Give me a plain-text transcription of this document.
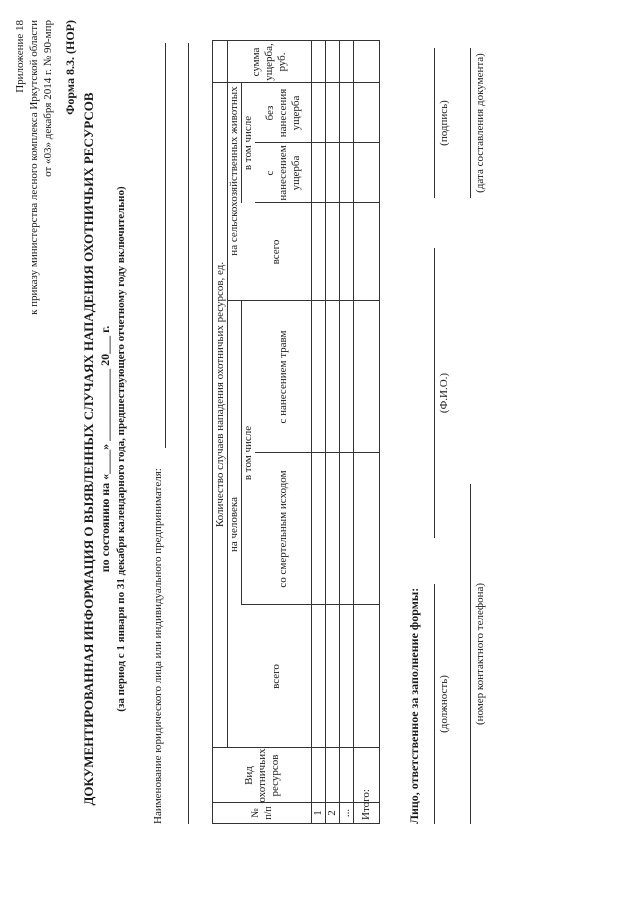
Приложение 18 к приказу министерства лесного комплекса Иркутской области от «03» декабря 2014 г. № 90-мпр Форма 8.3. (НОР)
ДОКУМЕНТИРОВАННАЯ ИНФОРМАЦИЯ О ВЫЯВЛЕННЫХ СЛУЧАЯХ НАПАДЕНИЯ ОХОТНИЧЬИХ РЕСУРСОВ по состоянию на «____» ____________ 20___ г. (за период с 1 января по 31 декабря календарного года, предшествующего отчетному году включительно) Наименование юридического лица или индивидуального предпринимателя:	№ п/п
Вид охотничьих ресурсов
Количество случаев нападения охотничьих ресурсов, ед. на человека
на сельскохозяйственных животных
всего
в том числе
со смертельным исходом
с нанесением травм
всего
в том числе
с нанесением ущерба
без нанесения ущерба
сумма ущерба, руб.
1 2 ... Итого:	Лицо, ответственное за заполнение формы: (должность)
(Ф.И.О.)
(подпись)
(номер контактного телефона)
(дата составления документа)
